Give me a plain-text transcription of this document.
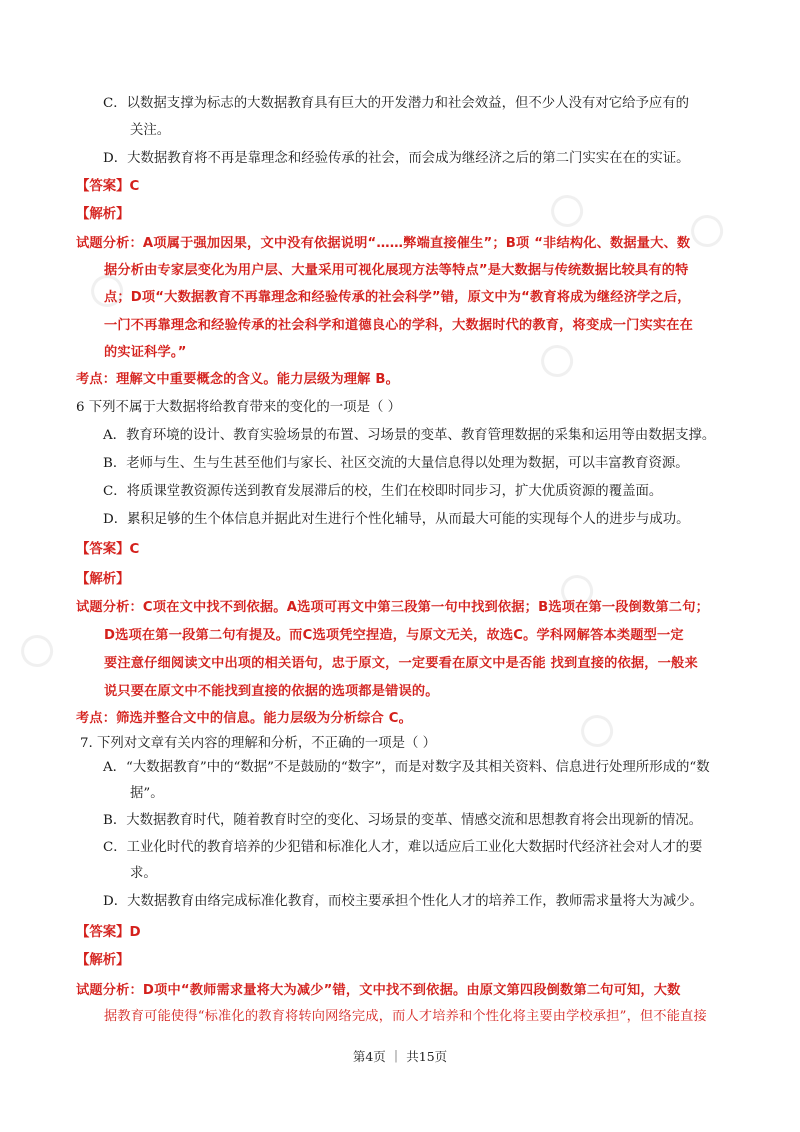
C．以数据支撑为标志的大数据教育具有巨大的开发潜力和社会效益，但不少人没有对它给予应有的
关注。
D．大数据教育将不再是靠理念和经验传承的社会，而会成为继经济之后的第二门实实在在的实证。
【答案】C
【解析】
试题分析：A项属于强加因果，文中没有依据说明“……弊端直接催生”；B项 “非结构化、数据量大、数
据分析由专家层变化为用户层、大量采用可视化展现方法等特点”是大数据与传统数据比较具有的特
点；D项“大数据教育不再靠理念和经验传承的社会科学”错，原文中为“教育将成为继经济学之后，
一门不再靠理念和经验传承的社会科学和道德良心的学科，大数据时代的教育，将变成一门实实在在
的实证科学。”
考点：理解文中重要概念的含义。能力层级为理解 B。
6 下列不属于大数据将给教育带来的变化的一项是（ ）
A．教育环境的设计、教育实验场景的布置、习场景的变革、教育管理数据的采集和运用等由数据支撑。
B．老师与生、生与生甚至他们与家长、社区交流的大量信息得以处理为数据，可以丰富教育资源。
C．将质课堂教资源传送到教育发展滞后的校，生们在校即时同步习，扩大优质资源的覆盖面。
D．累积足够的生个体信息并据此对生进行个性化辅导，从而最大可能的实现每个人的进步与成功。
【答案】C
【解析】
试题分析：C项在文中找不到依据。A选项可再文中第三段第一句中找到依据；B选项在第一段倒数第二句；
D选项在第一段第二句有提及。而C选项凭空捏造，与原文无关，故选C。学科网解答本类题型一定
要注意仔细阅读文中出项的相关语句，忠于原文，一定要看在原文中是否能 找到直接的依据，一般来
说只要在原文中不能找到直接的依据的选项都是错误的。
考点：筛选并整合文中的信息。能力层级为分析综合 C。
7. 下列对文章有关内容的理解和分析，不正确的一项是（ ）
A．“大数据教育”中的“数据”不是鼓励的“数字”，而是对数字及其相关资料、信息进行处理所形成的“数
据”。
B．大数据教育时代，随着教育时空的变化、习场景的变革、情感交流和思想教育将会出现新的情况。
C．工业化时代的教育培养的少犯错和标准化人才，难以适应后工业化大数据时代经济社会对人才的要
求。
D．大数据教育由络完成标准化教育，而校主要承担个性化人才的培养工作，教师需求量将大为减少。
【答案】D
【解析】
试题分析：D项中“教师需求量将大为减少”错，文中找不到依据。由原文第四段倒数第二句可知，大数
据教育可能使得“标准化的教育将转向网络完成，而人才培养和个性化将主要由学校承担”，但不能直接
第4页 ｜ 共15页
